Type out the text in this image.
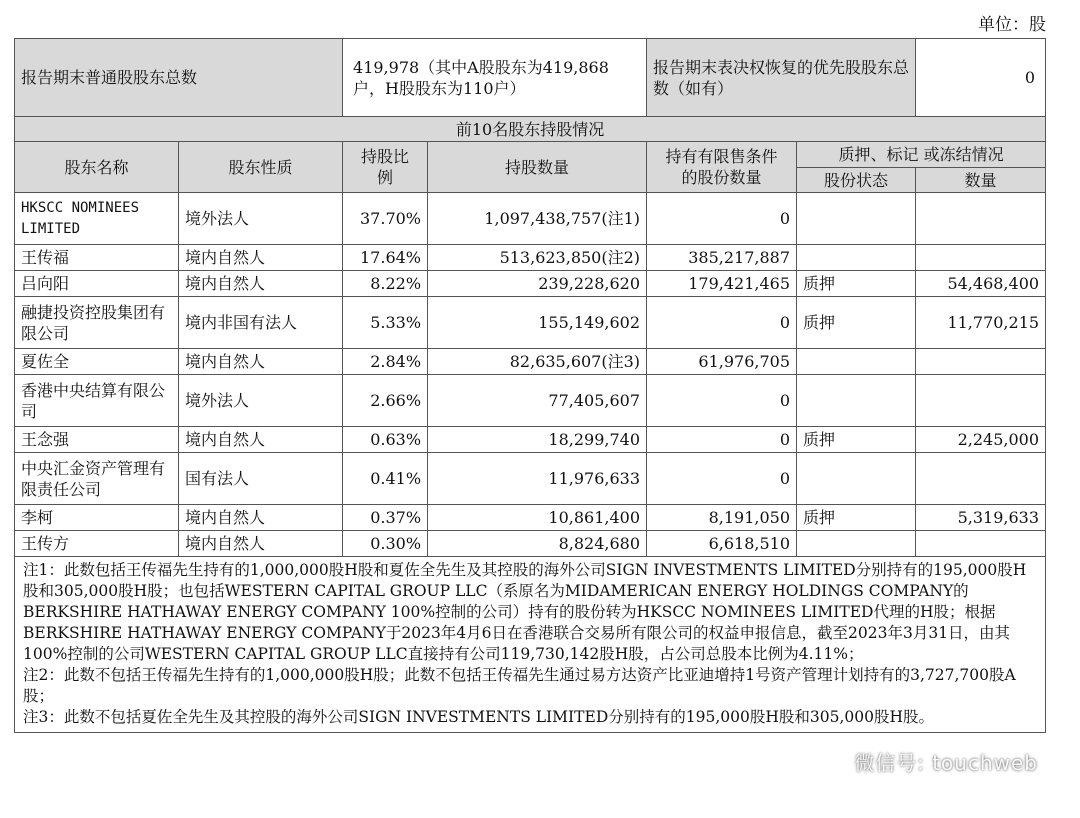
单位：股
报告期末普通股股东总数		419,978（其中A股股东为419,868户，H股股东为110户）		报告期末表决权恢复的优先股股东总数（如有）		0
前10名股东持股情况						
股东名称	股东性质	持股比例	持股数量	持有有限售条件的股份数量	质押、标记 或冻结情况	
					股份状态	数量
HKSCC NOMINEES LIMITED	境外法人	37.70%	1,097,438,757(注1)	0		
王传福	境内自然人	17.64%	513,623,850(注2)	385,217,887		
吕向阳	境内自然人	8.22%	239,228,620	179,421,465	质押	54,468,400
融捷投资控股集团有限公司	境内非国有法人	5.33%	155,149,602	0	质押	11,770,215
夏佐全	境内自然人	2.84%	82,635,607(注3)	61,976,705		
香港中央结算有限公司	境外法人	2.66%	77,405,607	0		
王念强	境内自然人	0.63%	18,299,740	0	质押	2,245,000
中央汇金资产管理有限责任公司	国有法人	0.41%	11,976,633	0		
李柯	境内自然人	0.37%	10,861,400	8,191,050	质押	5,319,633
王传方	境内自然人	0.30%	8,824,680	6,618,510		

注1：此数包括王传福先生持有的1,000,000股H股和夏佐全先生及其控股的海外公司SIGN INVESTMENTS LIMITED分别持有的195,000股H股和305,000股H股；也包括WESTERN CAPITAL GROUP LLC（系原名为MIDAMERICAN ENERGY HOLDINGS COMPANY的BERKSHIRE HATHAWAY ENERGY COMPANY 100%控制的公司）持有的股份转为HKSCC NOMINEES LIMITED代理的H股；根据BERKSHIRE HATHAWAY ENERGY COMPANY于2023年4月6日在香港联合交易所有限公司的权益申报信息，截至2023年3月31日，由其100%控制的公司WESTERN CAPITAL GROUP LLC直接持有公司119,730,142股H股，占公司总股本比例为4.11%；
注2：此数不包括王传福先生持有的1,000,000股H股；此数不包括王传福先生通过易方达资产比亚迪增持1号资产管理计划持有的3,727,700股A股；
注3：此数不包括夏佐全先生及其控股的海外公司SIGN INVESTMENTS LIMITED分别持有的195,000股H股和305,000股H股。						
微信号: touchweb
